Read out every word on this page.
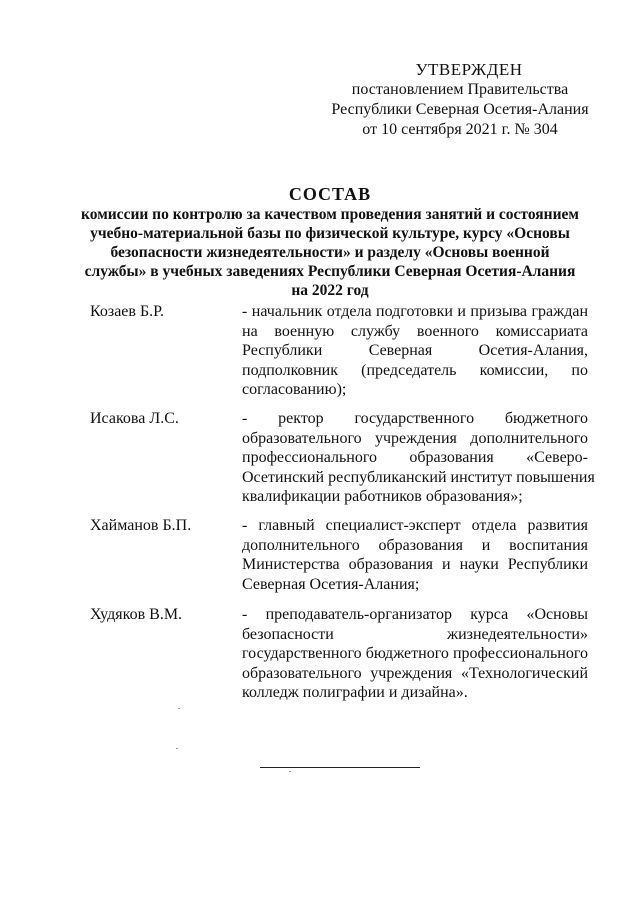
УТВЕРЖДЕН
постановлением Правительства
Республики Северная Осетия-Алания
от 10 сентября 2021 г. № 304
СОСТАВ
комиссии по контролю за качеством проведения занятий и состоянием
учебно-материальной базы по физической культуре, курсу «Основы
безопасности жизнедеятельности» и разделу «Основы военной
службы» в учебных заведениях Республики Северная Осетия-Алания
на 2022 год
Козаев Б.Р.	- начальник отдела подготовки и призыва граждан
на военную службу военного комиссариата
Республики Северная Осетия-Алания,
подполковник (председатель комиссии, по
согласованию);
Исакова Л.С.	- ректор государственного бюджетного
образовательного учреждения дополнительного
профессионального образования «Северо-
Осетинский республиканский институт повышения
квалификации работников образования»;
Хайманов Б.П.	- главный специалист-эксперт отдела развития
дополнительного образования и воспитания
Министерства образования и науки Республики
Северная Осетия-Алания;
Худяков В.М.	- преподаватель-организатор курса «Основы
безопасности жизнедеятельности»
государственного бюджетного профессионального
образовательного учреждения «Технологический
колледж полиграфии и дизайна».
